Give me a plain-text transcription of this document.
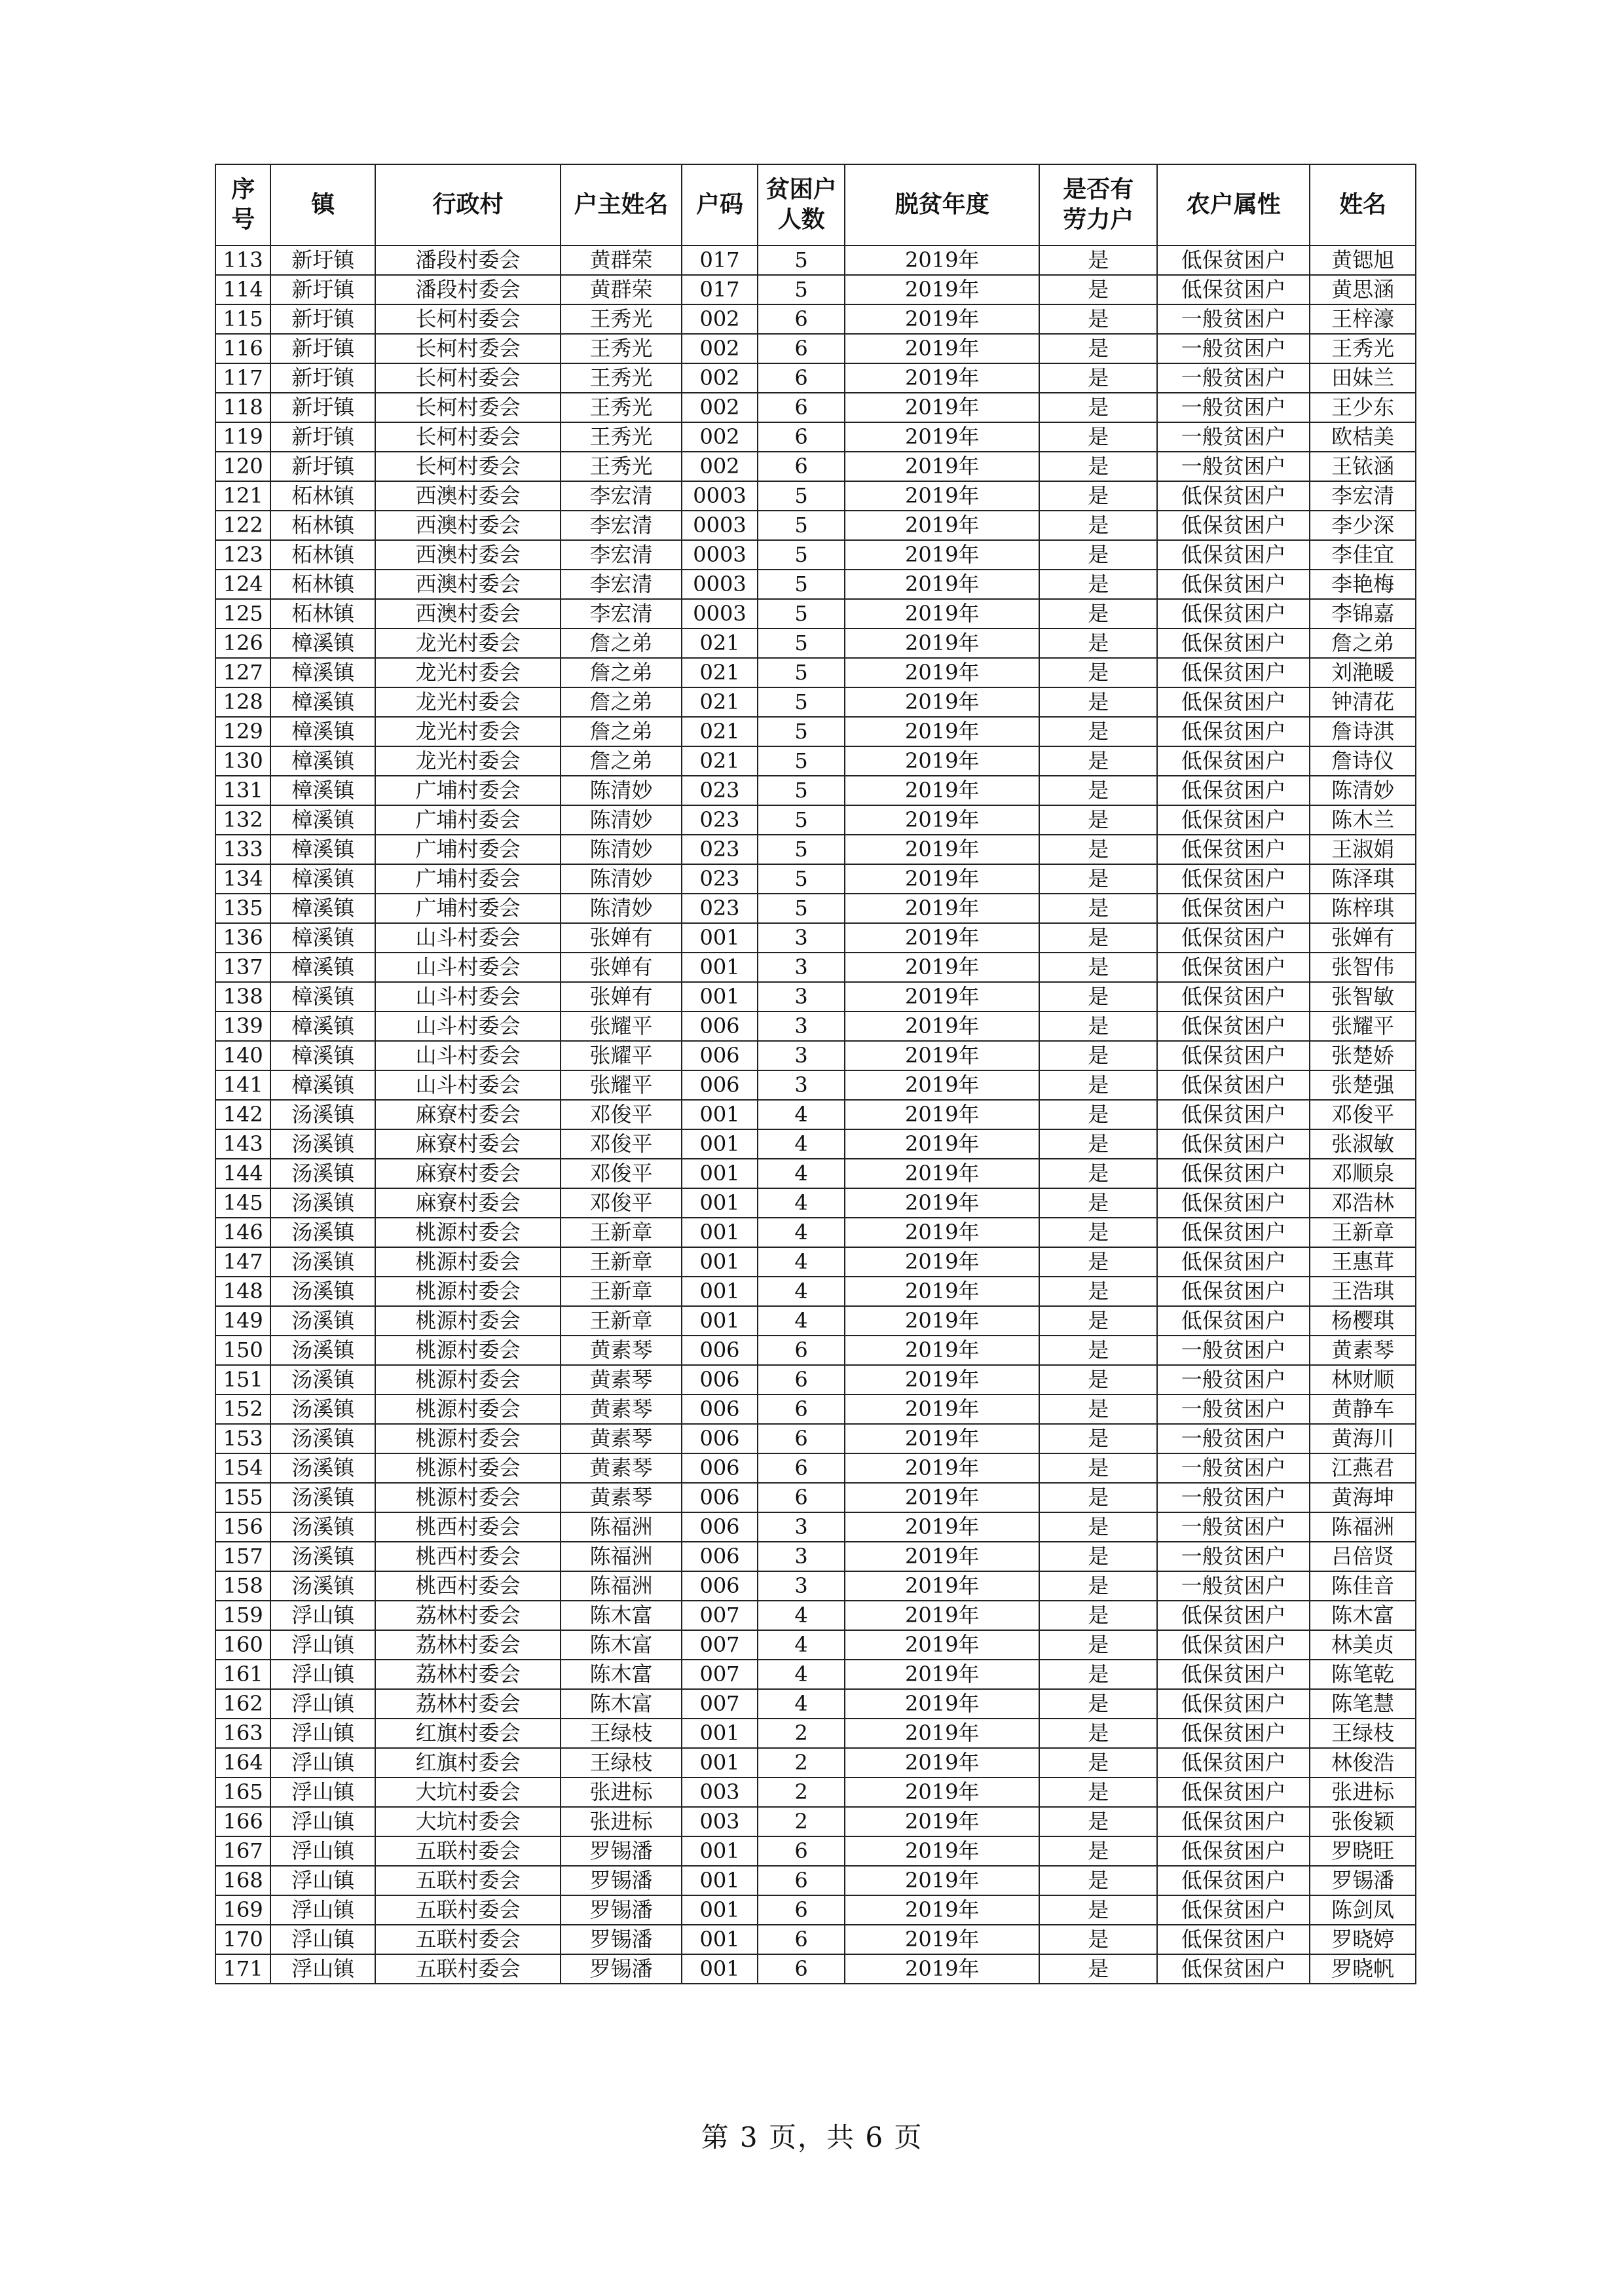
序号	镇	行政村	户主姓名	户码	贫困户人数	脱贫年度	是否有劳力户	农户属性	姓名
113	新圩镇	潘段村委会	黄群荣	017	5	2019年	是	低保贫困户	黄锶旭
114	新圩镇	潘段村委会	黄群荣	017	5	2019年	是	低保贫困户	黄思涵
115	新圩镇	长柯村委会	王秀光	002	6	2019年	是	一般贫困户	王梓濠
116	新圩镇	长柯村委会	王秀光	002	6	2019年	是	一般贫困户	王秀光
117	新圩镇	长柯村委会	王秀光	002	6	2019年	是	一般贫困户	田妹兰
118	新圩镇	长柯村委会	王秀光	002	6	2019年	是	一般贫困户	王少东
119	新圩镇	长柯村委会	王秀光	002	6	2019年	是	一般贫困户	欧桔美
120	新圩镇	长柯村委会	王秀光	002	6	2019年	是	一般贫困户	王铱涵
121	柘林镇	西澳村委会	李宏清	0003	5	2019年	是	低保贫困户	李宏清
122	柘林镇	西澳村委会	李宏清	0003	5	2019年	是	低保贫困户	李少深
123	柘林镇	西澳村委会	李宏清	0003	5	2019年	是	低保贫困户	李佳宜
124	柘林镇	西澳村委会	李宏清	0003	5	2019年	是	低保贫困户	李艳梅
125	柘林镇	西澳村委会	李宏清	0003	5	2019年	是	低保贫困户	李锦嘉
126	樟溪镇	龙光村委会	詹之弟	021	5	2019年	是	低保贫困户	詹之弟
127	樟溪镇	龙光村委会	詹之弟	021	5	2019年	是	低保贫困户	刘滟暖
128	樟溪镇	龙光村委会	詹之弟	021	5	2019年	是	低保贫困户	钟清花
129	樟溪镇	龙光村委会	詹之弟	021	5	2019年	是	低保贫困户	詹诗淇
130	樟溪镇	龙光村委会	詹之弟	021	5	2019年	是	低保贫困户	詹诗仪
131	樟溪镇	广埔村委会	陈清妙	023	5	2019年	是	低保贫困户	陈清妙
132	樟溪镇	广埔村委会	陈清妙	023	5	2019年	是	低保贫困户	陈木兰
133	樟溪镇	广埔村委会	陈清妙	023	5	2019年	是	低保贫困户	王淑娟
134	樟溪镇	广埔村委会	陈清妙	023	5	2019年	是	低保贫困户	陈泽琪
135	樟溪镇	广埔村委会	陈清妙	023	5	2019年	是	低保贫困户	陈梓琪
136	樟溪镇	山斗村委会	张婵有	001	3	2019年	是	低保贫困户	张婵有
137	樟溪镇	山斗村委会	张婵有	001	3	2019年	是	低保贫困户	张智伟
138	樟溪镇	山斗村委会	张婵有	001	3	2019年	是	低保贫困户	张智敏
139	樟溪镇	山斗村委会	张耀平	006	3	2019年	是	低保贫困户	张耀平
140	樟溪镇	山斗村委会	张耀平	006	3	2019年	是	低保贫困户	张楚娇
141	樟溪镇	山斗村委会	张耀平	006	3	2019年	是	低保贫困户	张楚强
142	汤溪镇	麻寮村委会	邓俊平	001	4	2019年	是	低保贫困户	邓俊平
143	汤溪镇	麻寮村委会	邓俊平	001	4	2019年	是	低保贫困户	张淑敏
144	汤溪镇	麻寮村委会	邓俊平	001	4	2019年	是	低保贫困户	邓顺泉
145	汤溪镇	麻寮村委会	邓俊平	001	4	2019年	是	低保贫困户	邓浩林
146	汤溪镇	桃源村委会	王新章	001	4	2019年	是	低保贫困户	王新章
147	汤溪镇	桃源村委会	王新章	001	4	2019年	是	低保贫困户	王惠茸
148	汤溪镇	桃源村委会	王新章	001	4	2019年	是	低保贫困户	王浩琪
149	汤溪镇	桃源村委会	王新章	001	4	2019年	是	低保贫困户	杨樱琪
150	汤溪镇	桃源村委会	黄素琴	006	6	2019年	是	一般贫困户	黄素琴
151	汤溪镇	桃源村委会	黄素琴	006	6	2019年	是	一般贫困户	林财顺
152	汤溪镇	桃源村委会	黄素琴	006	6	2019年	是	一般贫困户	黄静车
153	汤溪镇	桃源村委会	黄素琴	006	6	2019年	是	一般贫困户	黄海川
154	汤溪镇	桃源村委会	黄素琴	006	6	2019年	是	一般贫困户	江燕君
155	汤溪镇	桃源村委会	黄素琴	006	6	2019年	是	一般贫困户	黄海坤
156	汤溪镇	桃西村委会	陈福洲	006	3	2019年	是	一般贫困户	陈福洲
157	汤溪镇	桃西村委会	陈福洲	006	3	2019年	是	一般贫困户	吕倍贤
158	汤溪镇	桃西村委会	陈福洲	006	3	2019年	是	一般贫困户	陈佳音
159	浮山镇	荔林村委会	陈木富	007	4	2019年	是	低保贫困户	陈木富
160	浮山镇	荔林村委会	陈木富	007	4	2019年	是	低保贫困户	林美贞
161	浮山镇	荔林村委会	陈木富	007	4	2019年	是	低保贫困户	陈笔乾
162	浮山镇	荔林村委会	陈木富	007	4	2019年	是	低保贫困户	陈笔慧
163	浮山镇	红旗村委会	王绿枝	001	2	2019年	是	低保贫困户	王绿枝
164	浮山镇	红旗村委会	王绿枝	001	2	2019年	是	低保贫困户	林俊浩
165	浮山镇	大坑村委会	张进标	003	2	2019年	是	低保贫困户	张进标
166	浮山镇	大坑村委会	张进标	003	2	2019年	是	低保贫困户	张俊颖
167	浮山镇	五联村委会	罗锡潘	001	6	2019年	是	低保贫困户	罗晓旺
168	浮山镇	五联村委会	罗锡潘	001	6	2019年	是	低保贫困户	罗锡潘
169	浮山镇	五联村委会	罗锡潘	001	6	2019年	是	低保贫困户	陈剑凤
170	浮山镇	五联村委会	罗锡潘	001	6	2019年	是	低保贫困户	罗晓婷
171	浮山镇	五联村委会	罗锡潘	001	6	2019年	是	低保贫困户	罗晓帆
第 3 页，共 6 页
